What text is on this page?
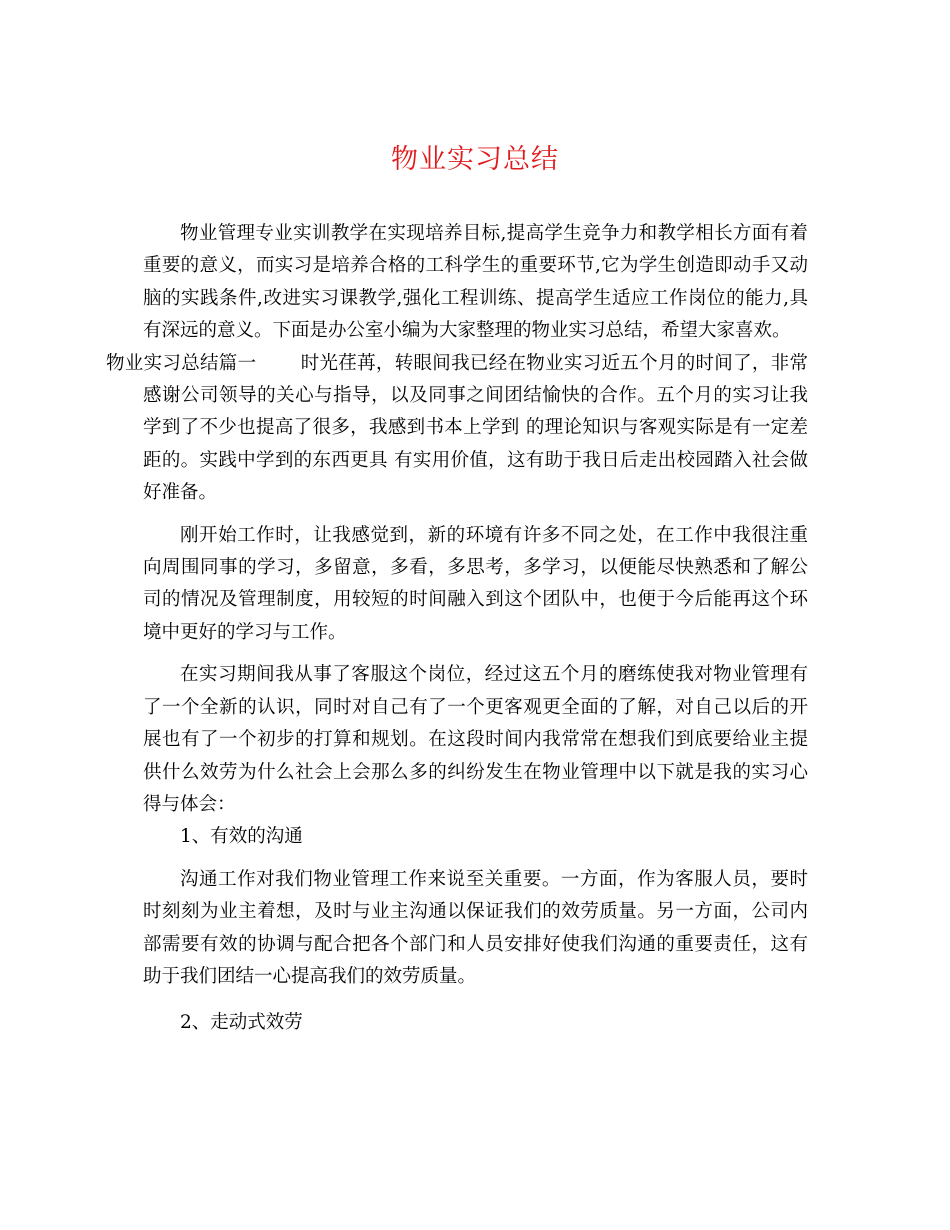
物业实习总结

物业管理专业实训教学在实现培养目标,提高学生竞争力和教学相长方面有着重要的意义，而实习是培养合格的工科学生的重要环节,它为学生创造即动手又动脑的实践条件,改进实习课教学,强化工程训练、提高学生适应工作岗位的能力,具有深远的意义。下面是办公室小编为大家整理的物业实习总结，希望大家喜欢。
物业实习总结篇一 时光荏苒，转眼间我已经在物业实习近五个月的时间了，非常感谢公司领导的关心与指导，以及同事之间团结愉快的合作。五个月的实习让我学到了不少也提高了很多，我感到书本上学到 的理论知识与客观实际是有一定差距的。实践中学到的东西更具 有实用价值，这有助于我日后走出校园踏入社会做好准备。

刚开始工作时，让我感觉到，新的环境有许多不同之处，在工作中我很注重向周围同事的学习，多留意，多看，多思考，多学习，以便能尽快熟悉和了解公司的情况及管理制度，用较短的时间融入到这个团队中，也便于今后能再这个环境中更好的学习与工作。

在实习期间我从事了客服这个岗位，经过这五个月的磨练使我对物业管理有了一个全新的认识，同时对自己有了一个更客观更全面的了解，对自己以后的开展也有了一个初步的打算和规划。在这段时间内我常常在想我们到底要给业主提供什么效劳为什么社会上会那么多的纠纷发生在物业管理中以下就是我的实习心得与体会：

1、有效的沟通

沟通工作对我们物业管理工作来说至关重要。一方面，作为客服人员，要时时刻刻为业主着想，及时与业主沟通以保证我们的效劳质量。另一方面，公司内部需要有效的协调与配合把各个部门和人员安排好使我们沟通的重要责任，这有助于我们团结一心提高我们的效劳质量。

2、走动式效劳
